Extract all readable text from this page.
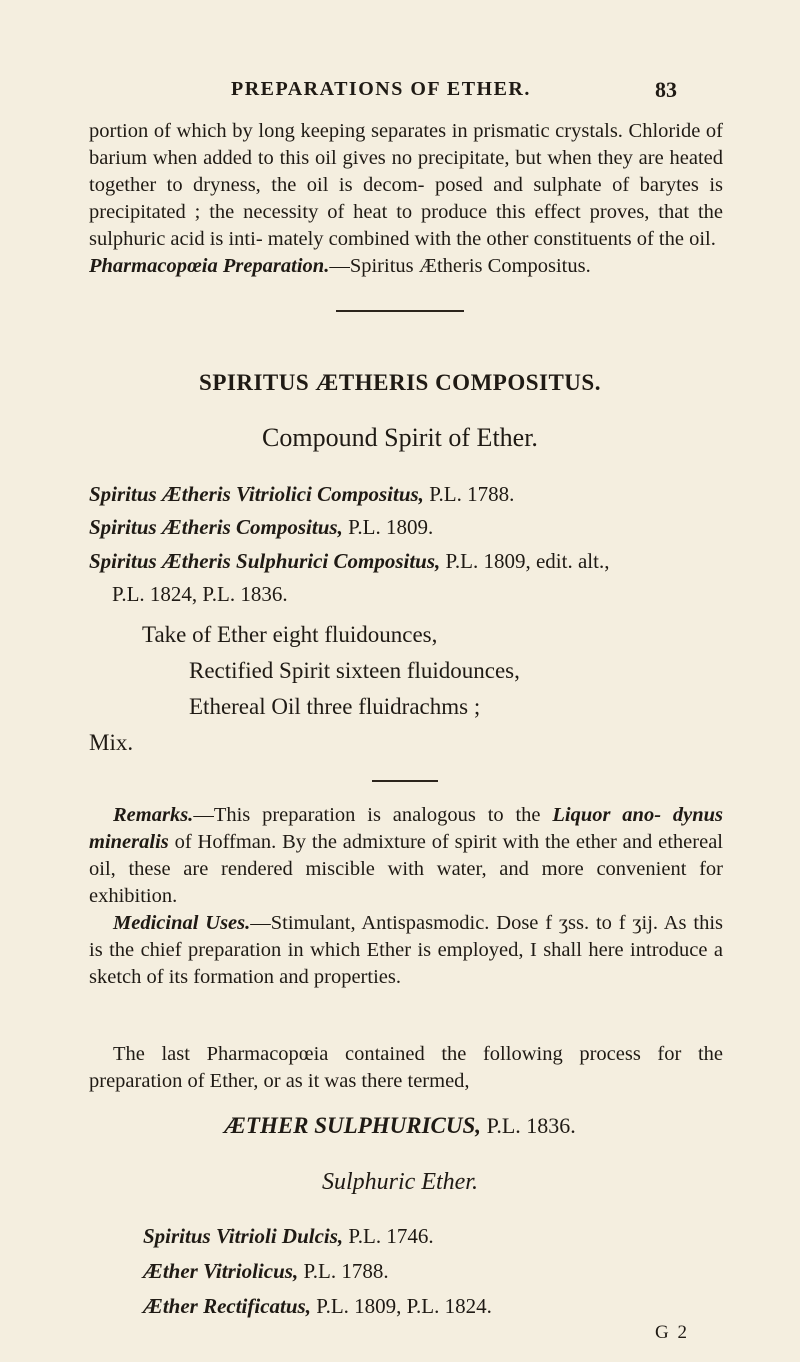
PREPARATIONS OF ETHER.	83
portion of which by long keeping separates in prismatic crystals. Chloride of barium when added to this oil gives no precipitate, but when they are heated together to dryness, the oil is decom- posed and sulphate of barytes is precipitated ; the necessity of heat to produce this effect proves, that the sulphuric acid is inti- mately combined with the other constituents of the oil.
Pharmacopœia Preparation.—Spiritus Ætheris Compositus.
SPIRITUS ÆTHERIS COMPOSITUS.
Compound Spirit of Ether.
Spiritus Ætheris Vitriolici Compositus, P.L. 1788.
Spiritus Ætheris Compositus, P.L. 1809.
Spiritus Ætheris Sulphurici Compositus, P.L. 1809, edit. alt.,
P.L. 1824, P.L. 1836.
Take of Ether eight fluidounces,
Rectified Spirit sixteen fluidounces,
Ethereal Oil three fluidrachms ;
Mix.
Remarks.—This preparation is analogous to the Liquor ano- dynus mineralis of Hoffman. By the admixture of spirit with the ether and ethereal oil, these are rendered miscible with water, and more convenient for exhibition.
Medicinal Uses.—Stimulant, Antispasmodic. Dose f ʒss. to f ʒij. As this is the chief preparation in which Ether is employed, I shall here introduce a sketch of its formation and properties.
The last Pharmacopœia contained the following process for the preparation of Ether, or as it was there termed,
ÆTHER SULPHURICUS, P.L. 1836.
Sulphuric Ether.
Spiritus Vitrioli Dulcis, P.L. 1746.
Æther Vitriolicus, P.L. 1788.
Æther Rectificatus, P.L. 1809, P.L. 1824.
G 2
